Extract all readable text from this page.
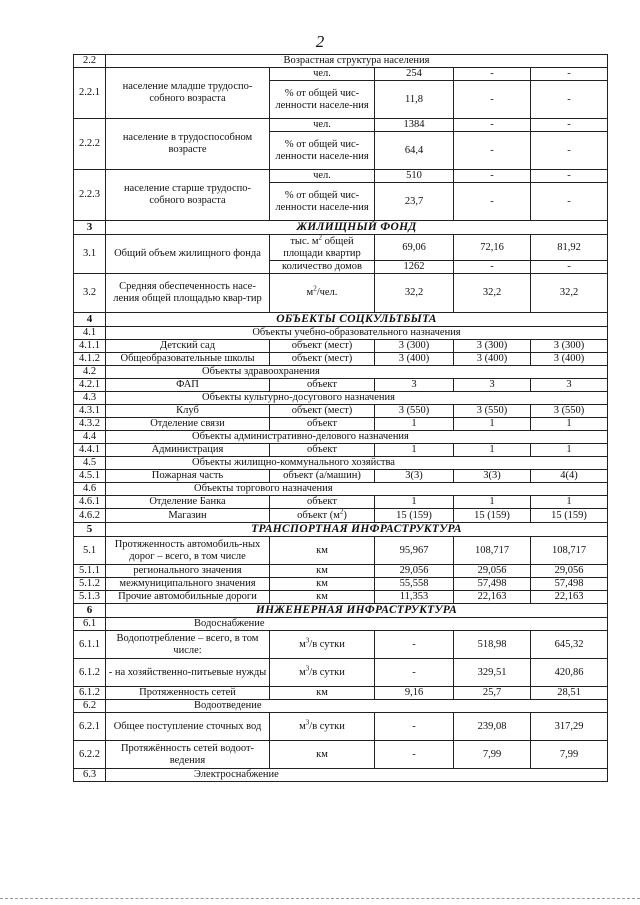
2
2.2	Возрастная структура населения				
2.2.1	население младше трудоспо-собного возраста	чел.	254	-	-
		% от общей чис-ленности населе-ния	11,8	-	-
2.2.2	население в трудоспособном возрасте	чел.	1384	-	-
		% от общей чис-ленности населе-ния	64,4	-	-
2.2.3	население старше трудоспо-собного возраста	чел.	510	-	-
		% от общей чис-ленности населе-ния	23,7	-	-
3	ЖИЛИЩНЫЙ ФОНД				
3.1	Общий объем жилищного фонда	тыс. $м^2$ общей площади квартир	69,06	72,16	81,92
		количество домов	1262	-	-
3.2	Средняя обеспеченность насе-ления общей площадью квар-тир	$м^2$/чел.	32,2	32,2	32,2
4	ОБЪЕКТЫ СОЦКУЛЬТБЫТА				
4.1	Объекты учебно-образовательного назначения				
4.1.1	Детский сад	объект (мест)	3 (300)	3 (300)	3 (300)
4.1.2	Общеобразовательные школы	объект (мест)	3 (400)	3 (400)	3 (400)
4.2	Объекты здравоохранения				
4.2.1	ФАП	объект	3	3	3
4.3	Объекты культурно-досугового назначения				
4.3.1	Клуб	объект (мест)	3 (550)	3 (550)	3 (550)
4.3.2	Отделение связи	объект	1	1	1
4.4	Объекты административно-делового назначения				
4.4.1	Администрация	объект	1	1	1
4.5	Объекты жилищно-коммунального хозяйства				
4.5.1	Пожарная часть	объект (а/машин)	3(3)	3(3)	4(4)
4.6	Объекты торгового назначения				
4.6.1	Отделение Банка	объект	1	1	1
4.6.2	Магазин	объект $(м^2)$	15 (159)	15 (159)	15 (159)
5	ТРАНСПОРТНАЯ ИНФРАСТРУКТУРА				
5.1	Протяженность автомобиль-ных дорог – всего, в том числе	км	95,967	108,717	108,717
5.1.1	регионального значения	км	29,056	29,056	29,056
5.1.2	межмуниципального значения	км	55,558	57,498	57,498
5.1.3	Прочие автомобильные дороги	км	11,353	22,163	22,163
6	ИНЖЕНЕРНАЯ ИНФРАСТРУКТУРА				
6.1	Водоснабжение				
6.1.1	Водопотребление – всего, в том числе:	$м^3/в$ сутки	-	518,98	645,32
6.1.2	- на хозяйственно-питьевые нужды	$м^3/в$ сутки	-	329,51	420,86
6.1.2	Протяженность сетей	км	9,16	25,7	28,51
6.2	Водоотведение				
6.2.1	Общее поступление сточных вод	$м^3/в$ сутки	-	239,08	317,29
6.2.2	Протяжённость сетей водоот-ведения	км	-	7,99	7,99
6.3	Электроснабжение				
